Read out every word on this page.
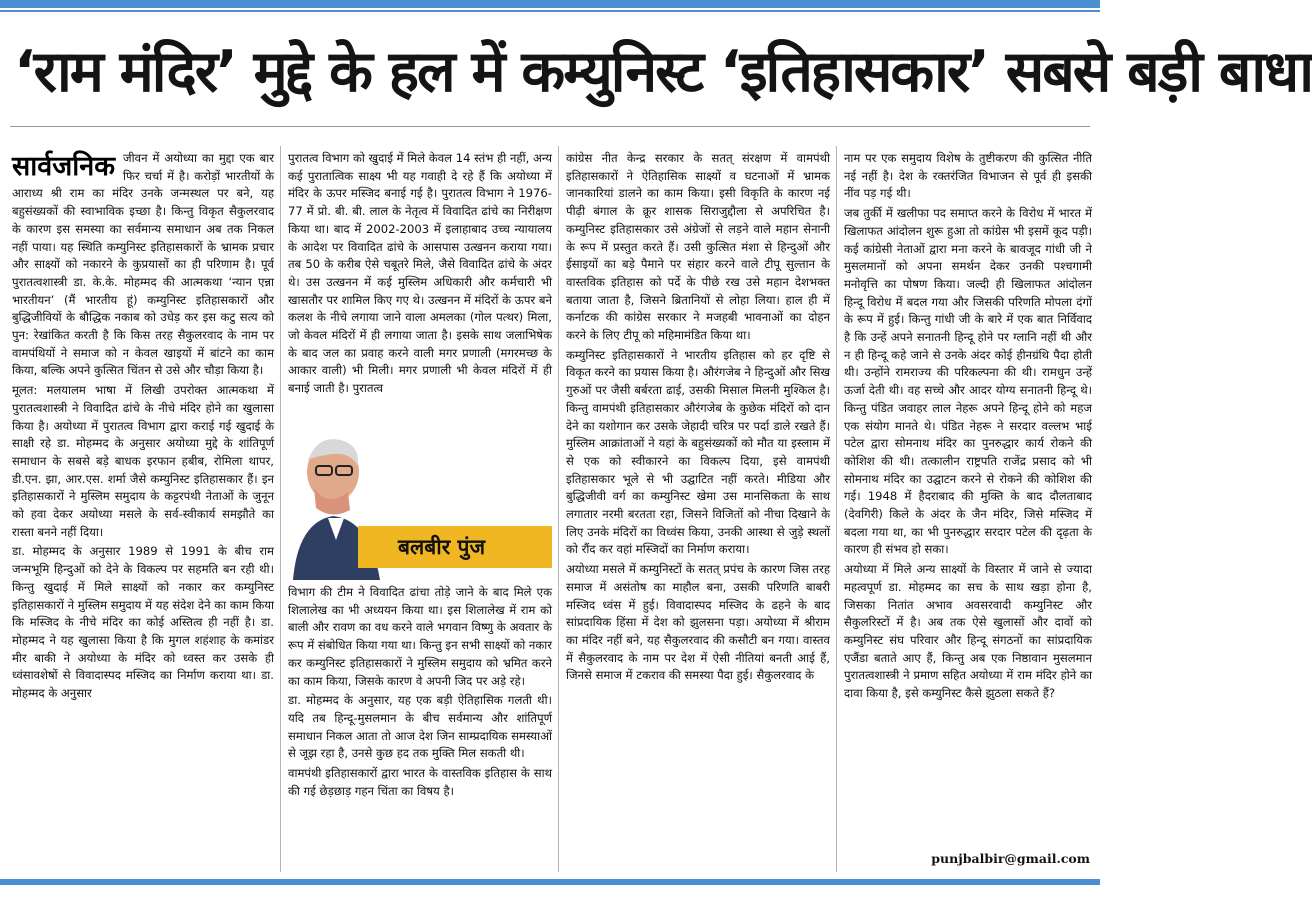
‘राम मंदिर’ मुद्दे के हल में कम्युनिस्ट ‘इतिहासकार’ सबसे बड़ी बाधा
सार्वजनिक जीवन में अयोध्या का मुद्दा एक बार फिर चर्चा में है। करोड़ों भारतीयों के आराध्य श्री राम का मंदिर उनके जन्मस्थल पर बने, यह बहुसंख्यकों की स्वाभाविक इच्छा है। किन्तु विकृत सैकुलरवाद के कारण इस समस्या का सर्वमान्य समाधान अब तक निकल नहीं पाया। यह स्थिति कम्युनिस्ट इतिहासकारों के भ्रामक प्रचार और साक्ष्यों को नकारने के कुप्रयासों का ही परिणाम है। पूर्व पुरातत्वशास्त्री डा. के.के. मोहम्मद की आत्मकथा ‘न्यान एन्ना भारतीयन’ (मैं भारतीय हूं) कम्युनिस्ट इतिहासकारों और बुद्धिजीवियों के बौद्धिक नकाब को उधेड़ कर इस कटु सत्य को पुन: रेखांकित करती है कि किस तरह सैकुलरवाद के नाम पर वामपंथियों ने समाज को न केवल खाइयों में बांटने का काम किया, बल्कि अपने कुत्सित चिंतन से उसे और चौड़ा किया है।

मूलत: मलयालम भाषा में लिखी उपरोक्त आत्मकथा में पुरातत्वशास्त्री ने विवादित ढांचे के नीचे मंदिर होने का खुलासा किया है। अयोध्या में पुरातत्व विभाग द्वारा कराई गई खुदाई के साक्षी रहे डा. मोहम्मद के अनुसार अयोध्या मुद्दे के शांतिपूर्ण समाधान के सबसे बड़े बाधक इरफान हबीब, रोमिला थापर, डी.एन. झा, आर.एस. शर्मा जैसे कम्युनिस्ट इतिहासकार हैं। इन इतिहासकारों ने मुस्लिम समुदाय के कट्टरपंथी नेताओं के जुनून को हवा देकर अयोध्या मसले के सर्व-स्वीकार्य समझौते का रास्ता बनने नहीं दिया।

डा. मोहम्मद के अनुसार 1989 से 1991 के बीच राम जन्मभूमि हिन्दुओं को देने के विकल्प पर सहमति बन रही थी। किन्तु खुदाई में मिले साक्ष्यों को नकार कर कम्युनिस्ट इतिहासकारों ने मुस्लिम समुदाय में यह संदेश देने का काम किया कि मस्जिद के नीचे मंदिर का कोई अस्तित्व ही नहीं है। डा. मोहम्मद ने यह खुलासा किया है कि मुगल शहंशाह के कमांडर मीर बाकी ने अयोध्या के मंदिर को ध्वस्त कर उसके ही ध्वंसावशेषों से विवादास्पद मस्जिद का निर्माण कराया था। डा. मोहम्मद के अनुसार

पुरातत्व विभाग को खुदाई में मिले केवल 14 स्तंभ ही नहीं, अन्य कई पुरातात्विक साक्ष्य भी यह गवाही दे रहे हैं कि अयोध्या में मंदिर के ऊपर मस्जिद बनाई गई है। पुरातत्व विभाग ने 1976-77 में प्रो. बी. बी. लाल के नेतृत्व में विवादित ढांचे का निरीक्षण किया था। बाद में 2002-2003 में इलाहाबाद उच्च न्यायालय के आदेश पर विवादित ढांचे के आसपास उत्खनन कराया गया। तब 50 के करीब ऐसे चबूतरे मिले, जैसे विवादित ढांचे के अंदर थे। उस उत्खनन में कई मुस्लिम अधिकारी और कर्मचारी भी खासतौर पर शामिल किए गए थे। उत्खनन में मंदिरों के ऊपर बने कलश के नीचे लगाया जाने वाला अमलका (गोल पत्थर) मिला, जो केवल मंदिरों में ही लगाया जाता है। इसके साथ जलाभिषेक के बाद जल का प्रवाह करने वाली मगर प्रणाली (मगरमच्छ के आकार वाली) भी मिली। मगर प्रणाली भी केवल मंदिरों में ही बनाई जाती है। पुरातत्व

बलबीर पुंज

विभाग की टीम ने विवादित ढांचा तोड़े जाने के बाद मिले एक शिलालेख का भी अध्ययन किया था। इस शिलालेख में राम को बाली और रावण का वध करने वाले भगवान विष्णु के अवतार के रूप में संबोधित किया गया था। किन्तु इन सभी साक्ष्यों को नकार कर कम्युनिस्ट इतिहासकारों ने मुस्लिम समुदाय को भ्रमित करने का काम किया, जिसके कारण वे अपनी जिद पर अड़े रहे।

डा. मोहम्मद के अनुसार, यह एक बड़ी ऐतिहासिक गलती थी। यदि तब हिन्दू-मुसलमान के बीच सर्वमान्य और शांतिपूर्ण समाधान निकल आता तो आज देश जिन साम्प्रदायिक समस्याओं से जूझ रहा है, उनसे कुछ हद तक मुक्ति मिल सकती थी।

वामपंथी इतिहासकारों द्वारा भारत के वास्तविक इतिहास के साथ की गई छेड़छाड़ गहन चिंता का विषय है।

कांग्रेस नीत केन्द्र सरकार के सतत् संरक्षण में वामपंथी इतिहासकारों ने ऐतिहासिक साक्ष्यों व घटनाओं में भ्रामक जानकारियां डालने का काम किया। इसी विकृति के कारण नई पीढ़ी बंगाल के क्रूर शासक सिराजुद्दौला से अपरिचित है। कम्युनिस्ट इतिहासकार उसे अंग्रेजों से लड़ने वाले महान सेनानी के रूप में प्रस्तुत करते हैं। उसी कुत्सित मंशा से हिन्दुओं और ईसाइयों का बड़े पैमाने पर संहार करने वाले टीपू सुल्तान के वास्तविक इतिहास को पर्दे के पीछे रख उसे महान देशभक्त बताया जाता है, जिसने ब्रितानियों से लोहा लिया। हाल ही में कर्नाटक की कांग्रेस सरकार ने मजहबी भावनाओं का दोहन करने के लिए टीपू को महिमामंडित किया था।

कम्युनिस्ट इतिहासकारों ने भारतीय इतिहास को हर दृष्टि से विकृत करने का प्रयास किया है। औरंगजेब ने हिन्दुओं और सिख गुरुओं पर जैसी बर्बरता ढाई, उसकी मिसाल मिलनी मुश्किल है। किन्तु वामपंथी इतिहासकार औरंगजेब के कुछेक मंदिरों को दान देने का यशोगान कर उसके जेहादी चरित्र पर पर्दा डाले रखते हैं। मुस्लिम आक्रांताओं ने यहां के बहुसंख्यकों को मौत या इस्लाम में से एक को स्वीकारने का विकल्प दिया, इसे वामपंथी इतिहासकार भूले से भी उद्घाटित नहीं करते। मीडिया और बुद्धिजीवी वर्ग का कम्युनिस्ट खेमा उस मानसिकता के साथ लगातार नरमी बरतता रहा, जिसने विजितों को नीचा दिखाने के लिए उनके मंदिरों का विध्वंस किया, उनकी आस्था से जुड़े स्थलों को रौंद कर वहां मस्जिदों का निर्माण कराया।

अयोध्या मसले में कम्युनिस्टों के सतत् प्रपंच के कारण जिस तरह समाज में असंतोष का माहौल बना, उसकी परिणति बाबरी मस्जिद ध्वंस में हुई। विवादास्पद मस्जिद के ढहने के बाद सांप्रदायिक हिंसा में देश को झुलसना पड़ा। अयोध्या में श्रीराम का मंदिर नहीं बने, यह सैकुलरवाद की कसौटी बन गया। वास्तव में सैकुलरवाद के नाम पर देश में ऐसी नीतियां बनती आई हैं, जिनसे समाज में टकराव की समस्या पैदा हुई। सैकुलरवाद के

नाम पर एक समुदाय विशेष के तुष्टीकरण की कुत्सित नीति नई नहीं है। देश के रक्तरंजित विभाजन से पूर्व ही इसकी नींव पड़ गई थी।

जब तुर्की में खलीफा पद समाप्त करने के विरोध में भारत में खिलाफत आंदोलन शुरू हुआ तो कांग्रेस भी इसमें कूद पड़ी। कई कांग्रेसी नेताओं द्वारा मना करने के बावजूद गांधी जी ने मुसलमानों को अपना समर्थन देकर उनकी पश्चगामी मनोवृत्ति का पोषण किया। जल्दी ही खिलाफत आंदोलन हिन्दू विरोध में बदल गया और जिसकी परिणति मोपला दंगों के रूप में हुई। किन्तु गांधी जी के बारे में एक बात निर्विवाद है कि उन्हें अपने सनातनी हिन्दू होने पर ग्लानि नहीं थी और न ही हिन्दू कहे जाने से उनके अंदर कोई हीनग्रंथि पैदा होती थी। उन्होंने रामराज्य की परिकल्पना की थी। रामधुन उन्हें ऊर्जा देती थी। वह सच्चे और आदर योग्य सनातनी हिन्दू थे। किन्तु पंडित जवाहर लाल नेहरू अपने हिन्दू होने को महज एक संयोग मानते थे। पंडित नेहरू ने सरदार वल्लभ भाई पटेल द्वारा सोमनाथ मंदिर का पुनरुद्धार कार्य रोकने की कोशिश की थी। तत्कालीन राष्ट्रपति राजेंद्र प्रसाद को भी सोमनाथ मंदिर का उद्घाटन करने से रोकने की कोशिश की गई। 1948 में हैदराबाद की मुक्ति के बाद दौलताबाद (देवगिरी) किले के अंदर के जैन मंदिर, जिसे मस्जिद में बदला गया था, का भी पुनरुद्धार सरदार पटेल की दृढ़ता के कारण ही संभव हो सका।

अयोध्या में मिले अन्य साक्ष्यों के विस्तार में जाने से ज्यादा महत्वपूर्ण डा. मोहम्मद का सच के साथ खड़ा होना है, जिसका नितांत अभाव अवसरवादी कम्युनिस्ट और सैकुलरिस्टों में है। अब तक ऐसे खुलासों और दावों को कम्युनिस्ट संघ परिवार और हिन्दू संगठनों का सांप्रदायिक एजैंडा बताते आए हैं, किन्तु अब एक निष्ठावान मुसलमान पुरातत्वशास्त्री ने प्रमाण सहित अयोध्या में राम मंदिर होने का दावा किया है, इसे कम्युनिस्ट कैसे झुठला सकते हैं?

punjbalbir@gmail.com
